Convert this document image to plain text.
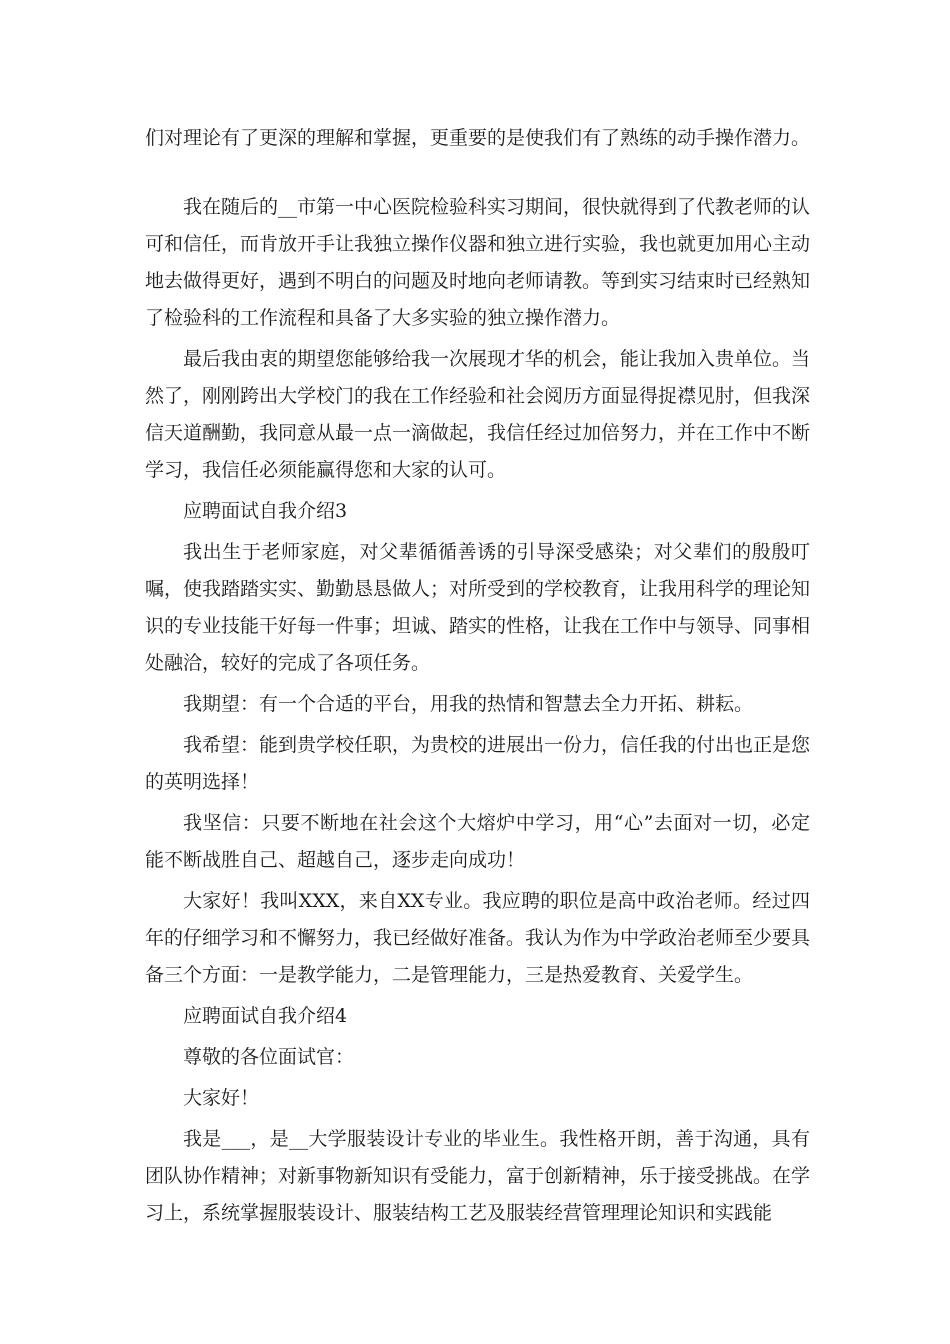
们对理论有了更深的理解和掌握，更重要的是使我们有了熟练的动手操作潜力。

我在随后的__市第一中心医院检验科实习期间，很快就得到了代教老师的认可和信任，而肯放开手让我独立操作仪器和独立进行实验，我也就更加用心主动地去做得更好，遇到不明白的问题及时地向老师请教。等到实习结束时已经熟知了检验科的工作流程和具备了大多实验的独立操作潜力。

最后我由衷的期望您能够给我一次展现才华的机会，能让我加入贵单位。当然了，刚刚跨出大学校门的我在工作经验和社会阅历方面显得捉襟见肘，但我深信天道酬勤，我同意从最一点一滴做起，我信任经过加倍努力，并在工作中不断学习，我信任必须能赢得您和大家的认可。

应聘面试自我介绍3

我出生于老师家庭，对父辈循循善诱的引导深受感染；对父辈们的殷殷叮嘱，使我踏踏实实、勤勤恳恳做人；对所受到的学校教育，让我用科学的理论知识的专业技能干好每一件事；坦诚、踏实的性格，让我在工作中与领导、同事相处融洽，较好的完成了各项任务。

我期望：有一个合适的平台，用我的热情和智慧去全力开拓、耕耘。

我希望：能到贵学校任职，为贵校的进展出一份力，信任我的付出也正是您的英明选择！

我坚信：只要不断地在社会这个大熔炉中学习，用“心”去面对一切，必定能不断战胜自己、超越自己，逐步走向成功！

大家好！我叫XXX，来自XX专业。我应聘的职位是高中政治老师。经过四年的仔细学习和不懈努力，我已经做好准备。我认为作为中学政治老师至少要具备三个方面：一是教学能力，二是管理能力，三是热爱教育、关爱学生。

应聘面试自我介绍4

尊敬的各位面试官：

大家好！

我是___，是__大学服装设计专业的毕业生。我性格开朗，善于沟通，具有团队协作精神；对新事物新知识有受能力，富于创新精神，乐于接受挑战。在学习上，系统掌握服装设计、服装结构工艺及服装经营管理理论知识和实践能
